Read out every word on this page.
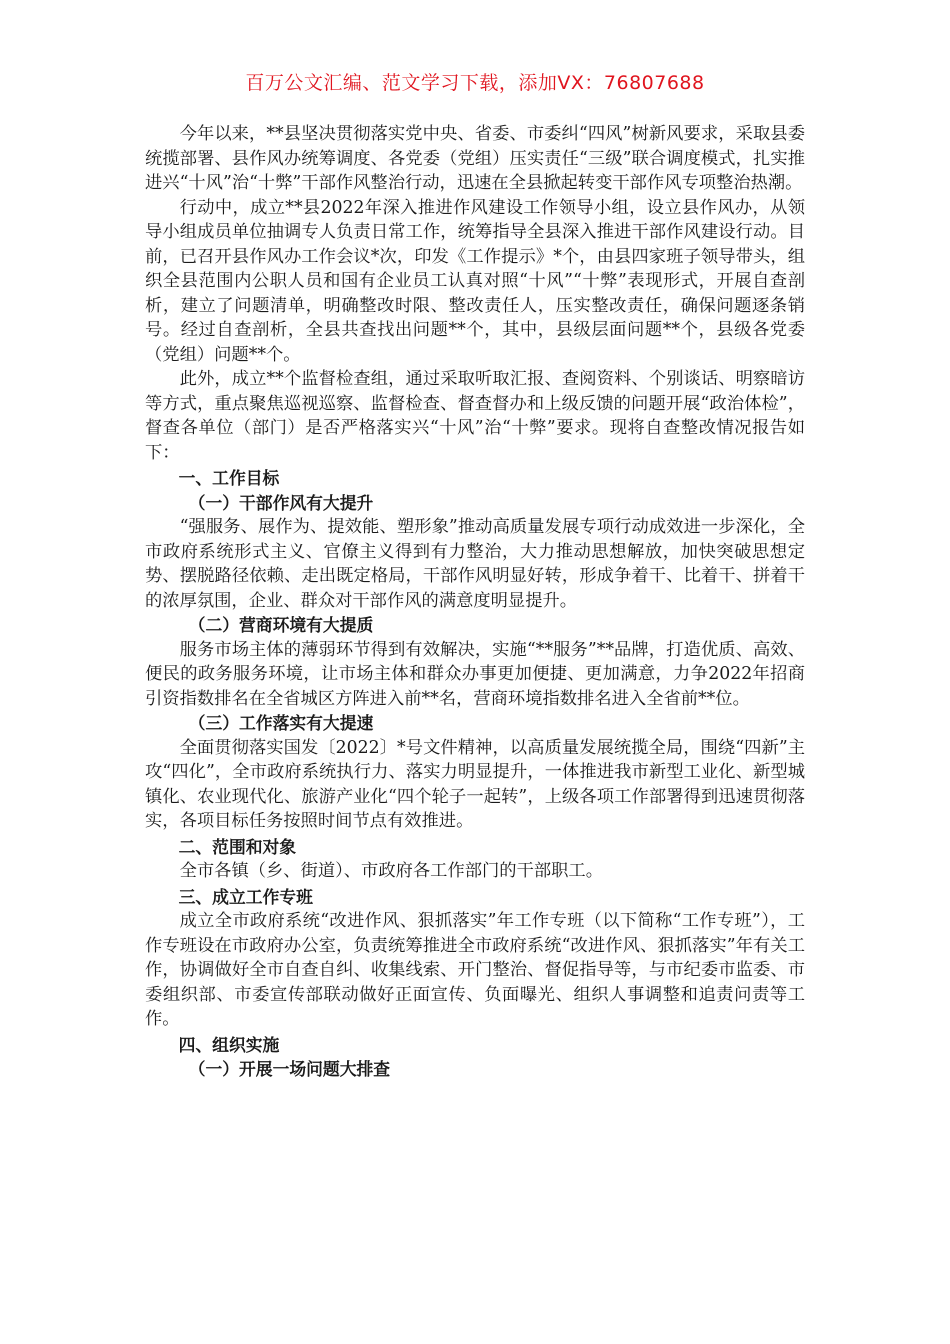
百万公文汇编、范文学习下载，添加VX：76807688

今年以来，**县坚决贯彻落实党中央、省委、市委纠“四风”树新风要求，采取县委统揽部署、县作风办统筹调度、各党委（党组）压实责任“三级”联合调度模式，扎实推进兴“十风”治“十弊”干部作风整治行动，迅速在全县掀起转变干部作风专项整治热潮。

行动中，成立**县2022年深入推进作风建设工作领导小组，设立县作风办，从领导小组成员单位抽调专人负责日常工作，统筹指导全县深入推进干部作风建设行动。目前，已召开县作风办工作会议*次，印发《工作提示》*个，由县四家班子领导带头，组织全县范围内公职人员和国有企业员工认真对照“十风”“十弊”表现形式，开展自查剖析，建立了问题清单，明确整改时限、整改责任人，压实整改责任，确保问题逐条销号。经过自查剖析，全县共查找出问题**个，其中，县级层面问题**个，县级各党委（党组）问题**个。

此外，成立**个监督检查组，通过采取听取汇报、查阅资料、个别谈话、明察暗访等方式，重点聚焦巡视巡察、监督检查、督查督办和上级反馈的问题开展“政治体检”，督查各单位（部门）是否严格落实兴“十风”治“十弊”要求。现将自查整改情况报告如下：

一、工作目标

（一）干部作风有大提升

“强服务、展作为、提效能、塑形象”推动高质量发展专项行动成效进一步深化，全市政府系统形式主义、官僚主义得到有力整治，大力推动思想解放，加快突破思想定势、摆脱路径依赖、走出既定格局，干部作风明显好转，形成争着干、比着干、拼着干的浓厚氛围，企业、群众对干部作风的满意度明显提升。

（二）营商环境有大提质

服务市场主体的薄弱环节得到有效解决，实施“**服务”**品牌，打造优质、高效、便民的政务服务环境，让市场主体和群众办事更加便捷、更加满意，力争2022年招商引资指数排名在全省城区方阵进入前**名，营商环境指数排名进入全省前**位。

（三）工作落实有大提速

全面贯彻落实国发〔2022〕*号文件精神，以高质量发展统揽全局，围绕“四新”主攻“四化”，全市政府系统执行力、落实力明显提升，一体推进我市新型工业化、新型城镇化、农业现代化、旅游产业化“四个轮子一起转”，上级各项工作部署得到迅速贯彻落实，各项目标任务按照时间节点有效推进。

二、范围和对象

全市各镇（乡、街道）、市政府各工作部门的干部职工。

三、成立工作专班

成立全市政府系统“改进作风、狠抓落实”年工作专班（以下简称“工作专班”），工作专班设在市政府办公室，负责统筹推进全市政府系统“改进作风、狠抓落实”年有关工作，协调做好全市自查自纠、收集线索、开门整治、督促指导等，与市纪委市监委、市委组织部、市委宣传部联动做好正面宣传、负面曝光、组织人事调整和追责问责等工作。

四、组织实施

（一）开展一场问题大排查
